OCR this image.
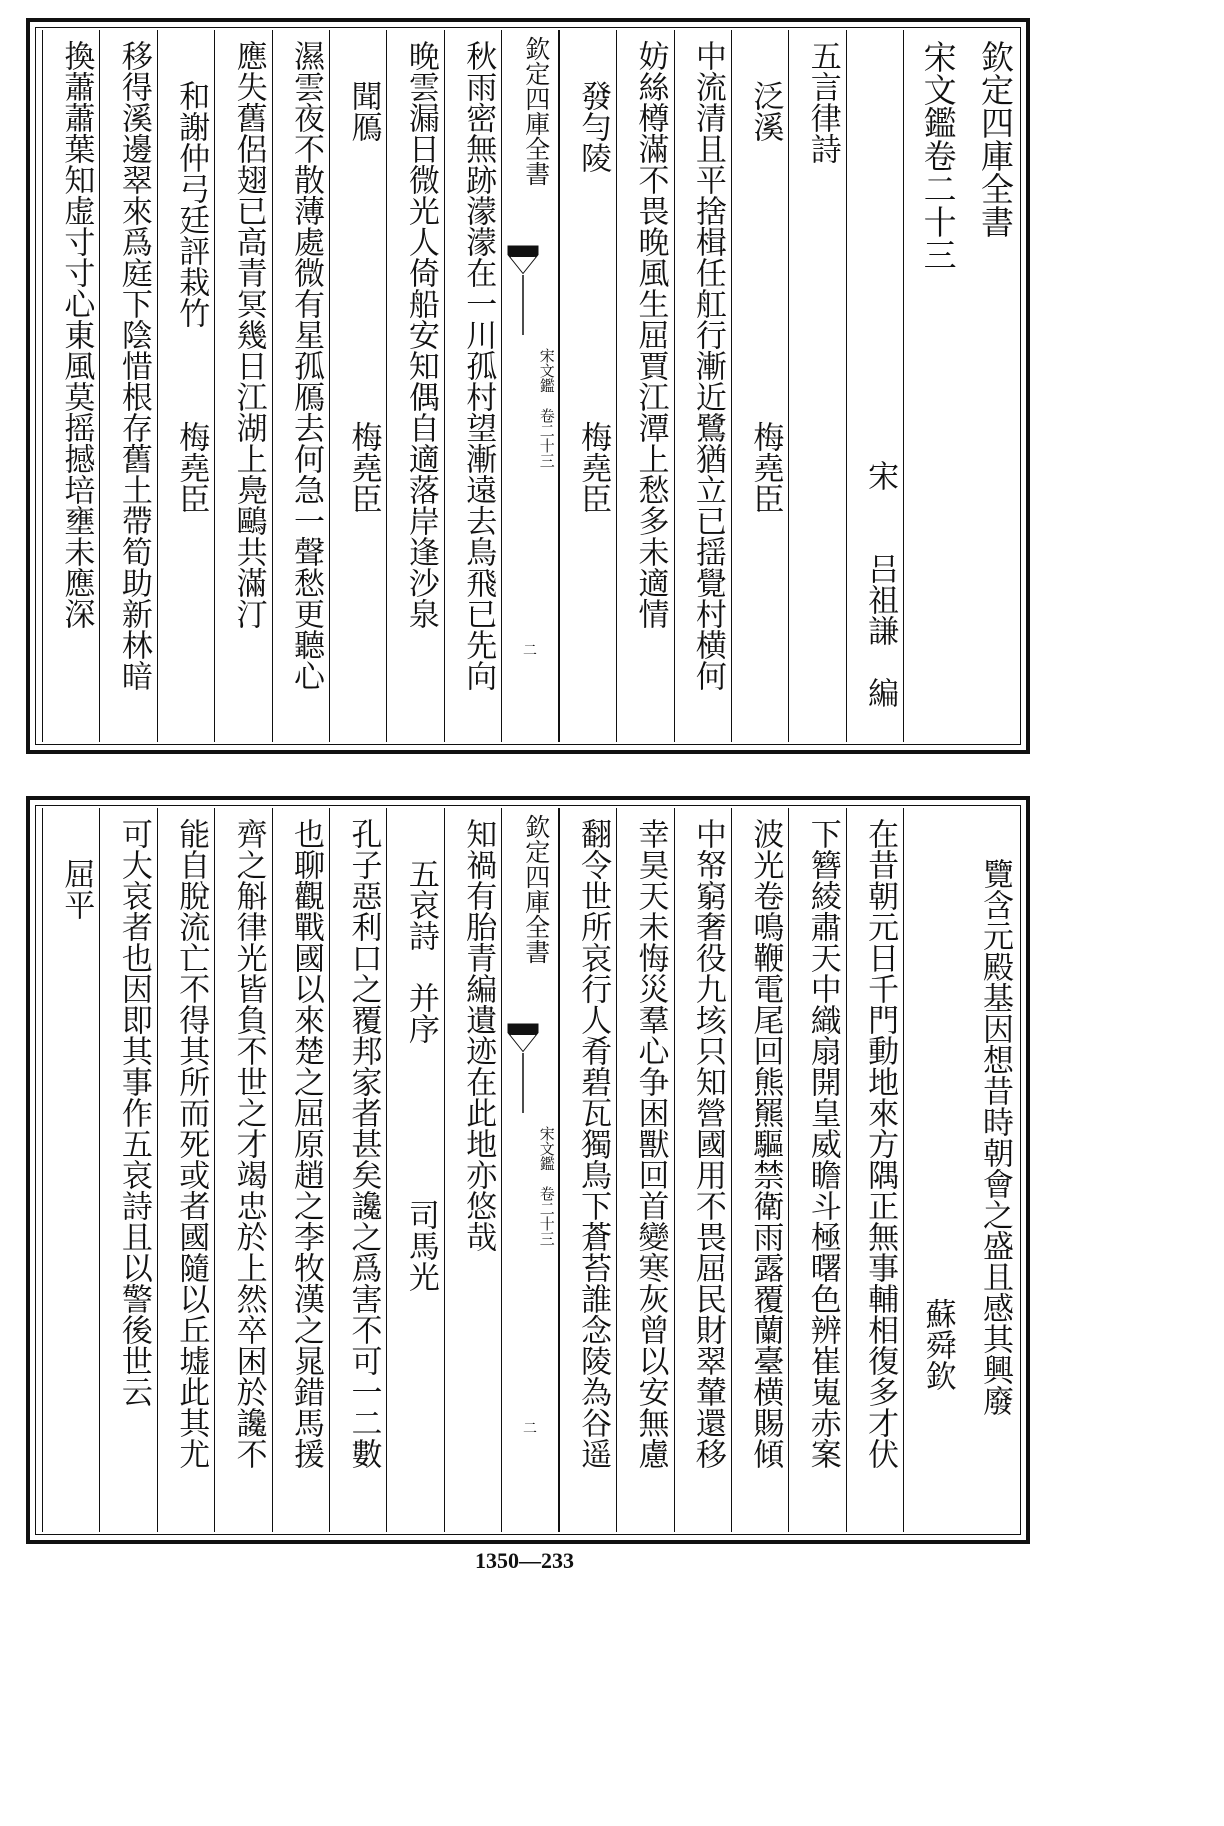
欽定四庫全書
宋文鑑卷二十三
宋　　吕祖謙　編
五言律詩
泛溪　　　　　　　　　梅堯臣
中流清且平捨楫任舡行漸近鷺猶立已揺覺村横何
妨絲樽滿不畏晚風生屈賈江潭上愁多未適情
發勻陵　　　　　　　　梅堯臣
欽定四庫全書
宋文鑑　卷二十三
二
秋雨密無跡濛濛在一川孤村望漸遠去鳥飛已先向
晚雲漏日微光人倚船安知偶自適落岸逢沙泉
聞鴈　　　　　　　　　梅堯臣
濕雲夜不散薄處微有星孤鴈去何急一聲愁更聽心
應失舊侶翅已高青冥幾日江湖上鳧鷗共滿汀
和謝仲弓廷評栽竹　　　梅堯臣
移得溪邊翠來爲庭下陰惜根存舊土帶筍助新林暗
換蕭蕭葉知虚寸寸心東風莫摇撼培壅未應深
覽含元殿基因想昔時朝會之盛且感其興廢
蘇舜欽
在昔朝元日千門動地來方隅正無事輔相復多才伏
下簪綾肅天中織扇開皇威瞻斗極曙色辨崔嵬赤案
波光卷鳴鞭電尾回熊羆驅禁衛雨露覆蘭臺横賜傾
中帑窮奢役九垓只知營國用不畏屈民財翠輦還移
幸昊天未悔災羣心争困獸回首變寒灰曾以安無慮
翻令世所哀行人肴碧瓦獨鳥下蒼苔誰念陵為谷遥
欽定四庫全書
宋文鑑　卷二十三
二
知禍有胎青編遺迹在此地亦悠哉
五哀詩　并序　　　　　司馬光
孔子惡利口之覆邦家者甚矣讒之爲害不可一二數
也聊觀戰國以來楚之屈原趙之李牧漢之晁錯馬援
齊之斛律光皆負不世之才竭忠於上然卒困於讒不
能自脫流亡不得其所而死或者國隨以丘墟此其尤
可大哀者也因即其事作五哀詩且以警後世云
屈平
1350—233
